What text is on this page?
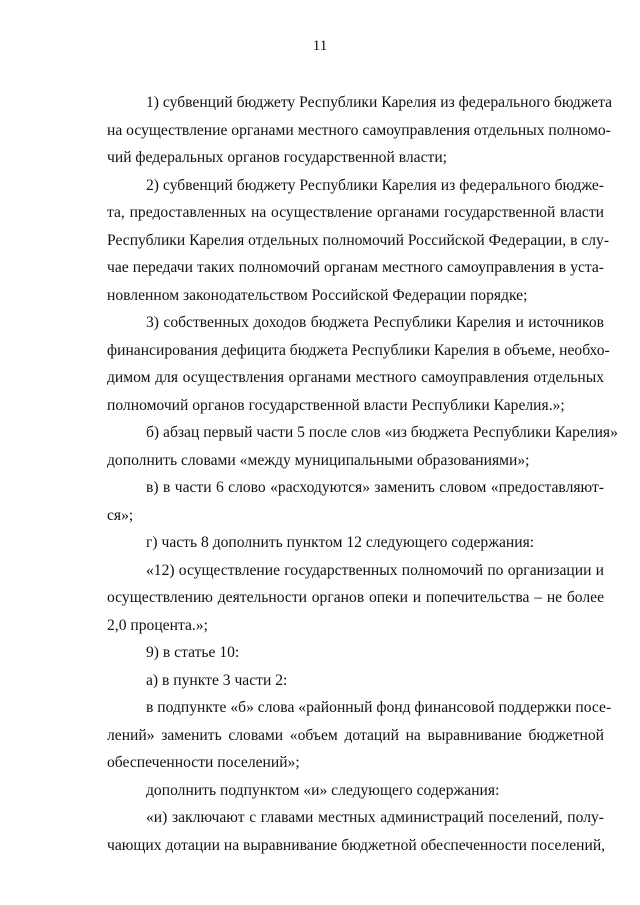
11
1) субвенций бюджету Республики Карелия из федерального бюджета
на осуществление органами местного самоуправления отдельных полномо-
чий федеральных органов государственной власти;
2) субвенций бюджету Республики Карелия из федерального бюдже-
та, предоставленных на осуществление органами государственной власти
Республики Карелия отдельных полномочий Российской Федерации, в слу-
чае передачи таких полномочий органам местного самоуправления в уста-
новленном законодательством Российской Федерации порядке;
3) собственных доходов бюджета Республики Карелия и источников
финансирования дефицита бюджета Республики Карелия в объеме, необхо-
димом для осуществления органами местного самоуправления отдельных
полномочий органов государственной власти Республики Карелия.»;
б) абзац первый части 5 после слов «из бюджета Республики Карелия»
дополнить словами «между муниципальными образованиями»;
в) в части 6 слово «расходуются» заменить словом «предоставляют-
ся»;
г) часть 8 дополнить пунктом 12 следующего содержания:
«12) осуществление государственных полномочий по организации и
осуществлению деятельности органов опеки и попечительства – не более
2,0 процента.»;
9) в статье 10:
а) в пункте 3 части 2:
в подпункте «б» слова «районный фонд финансовой поддержки посе-
лений» заменить словами «объем дотаций на выравнивание бюджетной
обеспеченности поселений»;
дополнить подпунктом «и» следующего содержания:
«и) заключают с главами местных администраций поселений, полу-
чающих дотации на выравнивание бюджетной обеспеченности поселений,
